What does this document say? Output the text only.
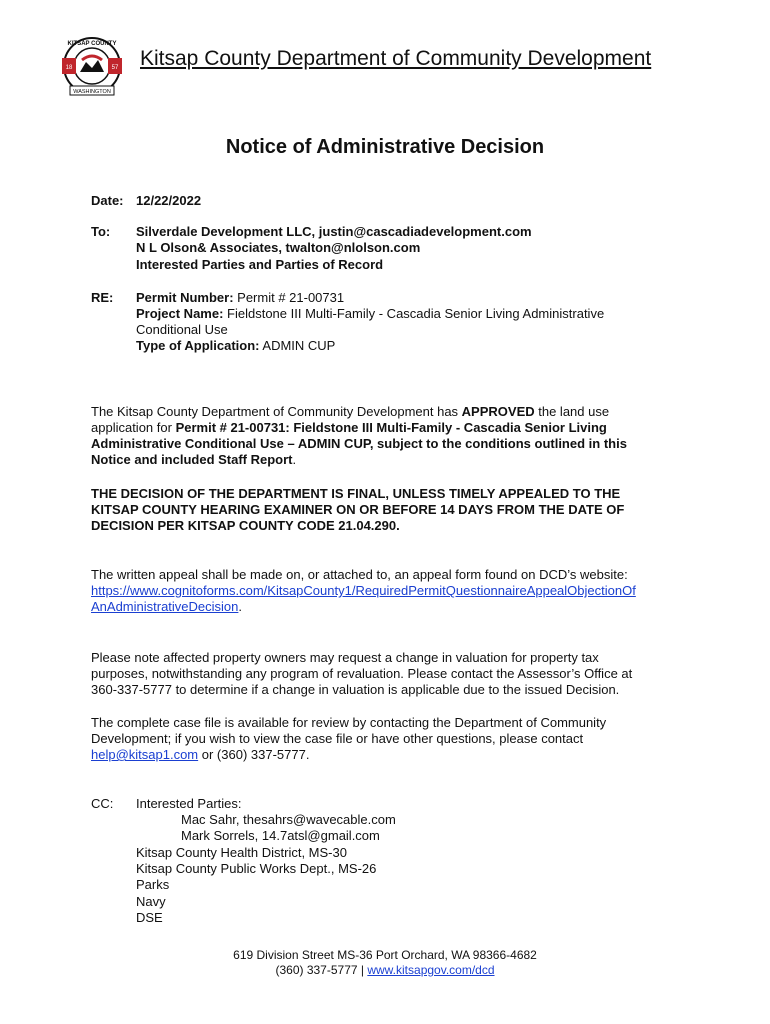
KITSAP COUNTY
18	57
WASHINGTON
Kitsap County Department of Community Development
Notice of Administrative Decision
Date: 12/22/2022
To: Silverdale Development LLC, justin@cascadiadevelopment.com
N L Olson& Associates, twalton@nlolson.com
Interested Parties and Parties of Record
RE: Permit Number: Permit # 21-00731
Project Name: Fieldstone III Multi-Family - Cascadia Senior Living Administrative
Conditional Use
Type of Application: ADMIN CUP
The Kitsap County Department of Community Development has APPROVED the land use
application for Permit # 21-00731: Fieldstone III Multi-Family - Cascadia Senior Living
Administrative Conditional Use – ADMIN CUP, subject to the conditions outlined in this
Notice and included Staff Report.
THE DECISION OF THE DEPARTMENT IS FINAL, UNLESS TIMELY APPEALED TO THE
KITSAP COUNTY HEARING EXAMINER ON OR BEFORE 14 DAYS FROM THE DATE OF
DECISION PER KITSAP COUNTY CODE 21.04.290.
The written appeal shall be made on, or attached to, an appeal form found on DCD’s website:
https://www.cognitoforms.com/KitsapCounty1/RequiredPermitQuestionnaireAppealObjectionOf
AnAdministrativeDecision.
Please note affected property owners may request a change in valuation for property tax
purposes, notwithstanding any program of revaluation. Please contact the Assessor’s Office at
360-337-5777 to determine if a change in valuation is applicable due to the issued Decision.
The complete case file is available for review by contacting the Department of Community
Development; if you wish to view the case file or have other questions, please contact
help@kitsap1.com or (360) 337-5777.
CC: Interested Parties:
Mac Sahr, thesahrs@wavecable.com
Mark Sorrels, 14.7atsl@gmail.com
Kitsap County Health District, MS-30
Kitsap County Public Works Dept., MS-26
Parks
Navy
DSE
619 Division Street MS-36 Port Orchard, WA 98366-4682
(360) 337-5777 | www.kitsapgov.com/dcd
